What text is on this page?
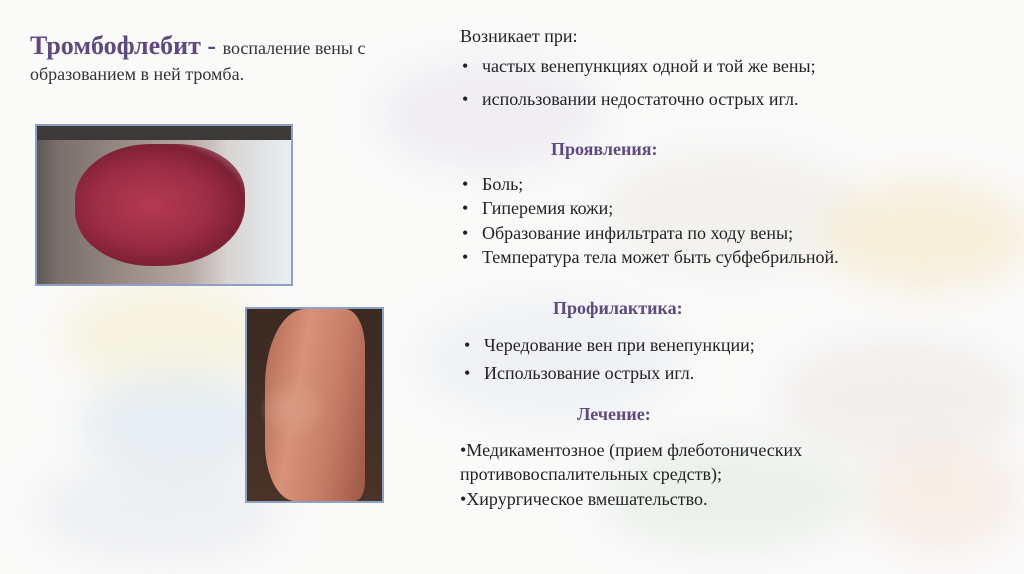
Тромбофлебит - воспаление вены с образованием в ней тромба.
Возникает при:
• частых венепункциях одной и той же вены;
• использовании недостаточно острых игл.
Проявления:
• Боль;
• Гиперемия кожи;
• Образование инфильтрата по ходу вены;
• Температура тела может быть субфебрильной.
Профилактика:
• Чередование вен при венепункции;
• Использование острых игл.
Лечение:
•Медикаментозное (прием флеботонических противовоспалительных средств);
•Хирургическое вмешательство.
